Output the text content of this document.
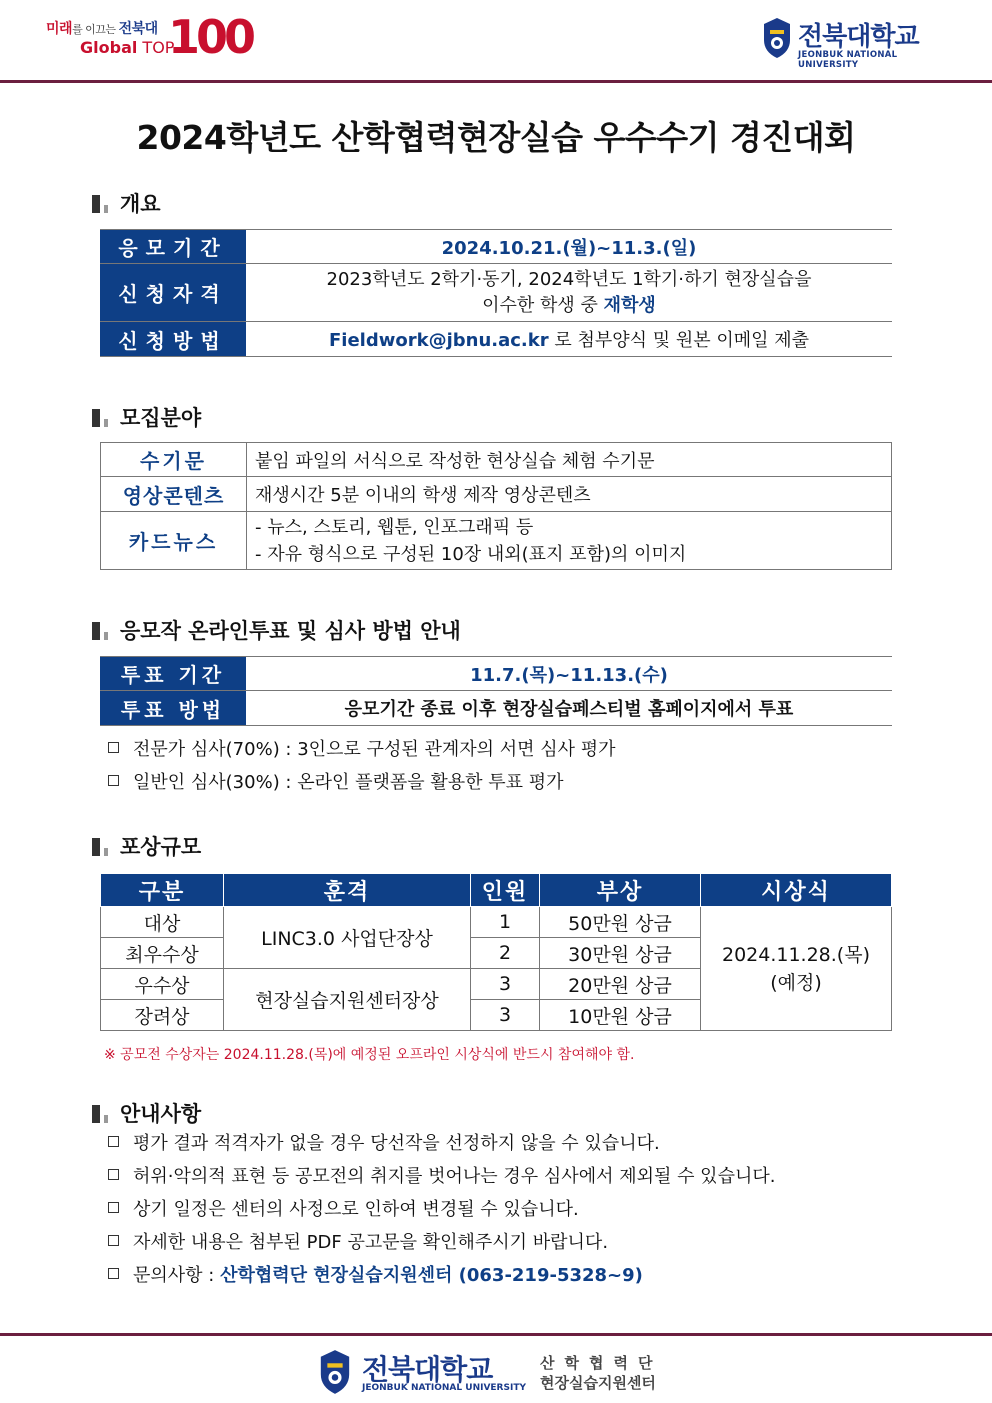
미래를 이끄는 전북대
Global TOP
100	전북대학교
JEONBUK NATIONAL UNIVERSITY
2024학년도 산학협력현장실습 우수수기 경진대회
개요
응모기간	2024.10.21.(월)~11.3.(일)
신청자격	2023학년도 2학기·동기, 2024학년도 1학기·하기 현장실습을
이수한 학생 중 재학생

신청방법	Fieldwork@jbnu.ac.kr 로 첨부양식 및 원본 이메일 제출
모집분야
수기문	붙임 파일의 서식으로 작성한 현상실습 체험 수기문
영상콘텐츠	재생시간 5분 이내의 학생 제작 영상콘텐츠
카드뉴스	- 뉴스, 스토리, 웹툰, 인포그래픽 등
- 자유 형식으로 구성된 10장 내외(표지 포함)의 이미지
응모작 온라인투표 및 심사 방법 안내
투표 기간	11.7.(목)~11.13.(수)
투표 방법	응모기간 종료 이후 현장실습페스티벌 홈페이지에서 투표
전문가 심사(70%) : 3인으로 구성된 관계자의 서면 심사 평가
일반인 심사(30%) : 온라인 플랫폼을 활용한 투표 평가
포상규모
구분	훈격	인원	부상	시상식
대상	LINC3.0 사업단장상	1	50만원 상금	2024.11.28.(목)
(예정)

최우수상		2	30만원 상금	
우수상	현장실습지원센터장상	3	20만원 상금	
장려상		3	10만원 상금	
※ 공모전 수상자는 2024.11.28.(목)에 예정된 오프라인 시상식에 반드시 참여해야 함.
안내사항
평가 결과 적격자가 없을 경우 당선작을 선정하지 않을 수 있습니다.
허위·악의적 표현 등 공모전의 취지를 벗어나는 경우 심사에서 제외될 수 있습니다.
상기 일정은 센터의 사정으로 인하여 변경될 수 있습니다.
자세한 내용은 첨부된 PDF 공고문을 확인해주시기 바랍니다.
문의사항 : 산학협력단 현장실습지원센터 (063-219-5328~9)
전북대학교
JEONBUK NATIONAL UNIVERSITY
산학협력단
현장실습지원센터
